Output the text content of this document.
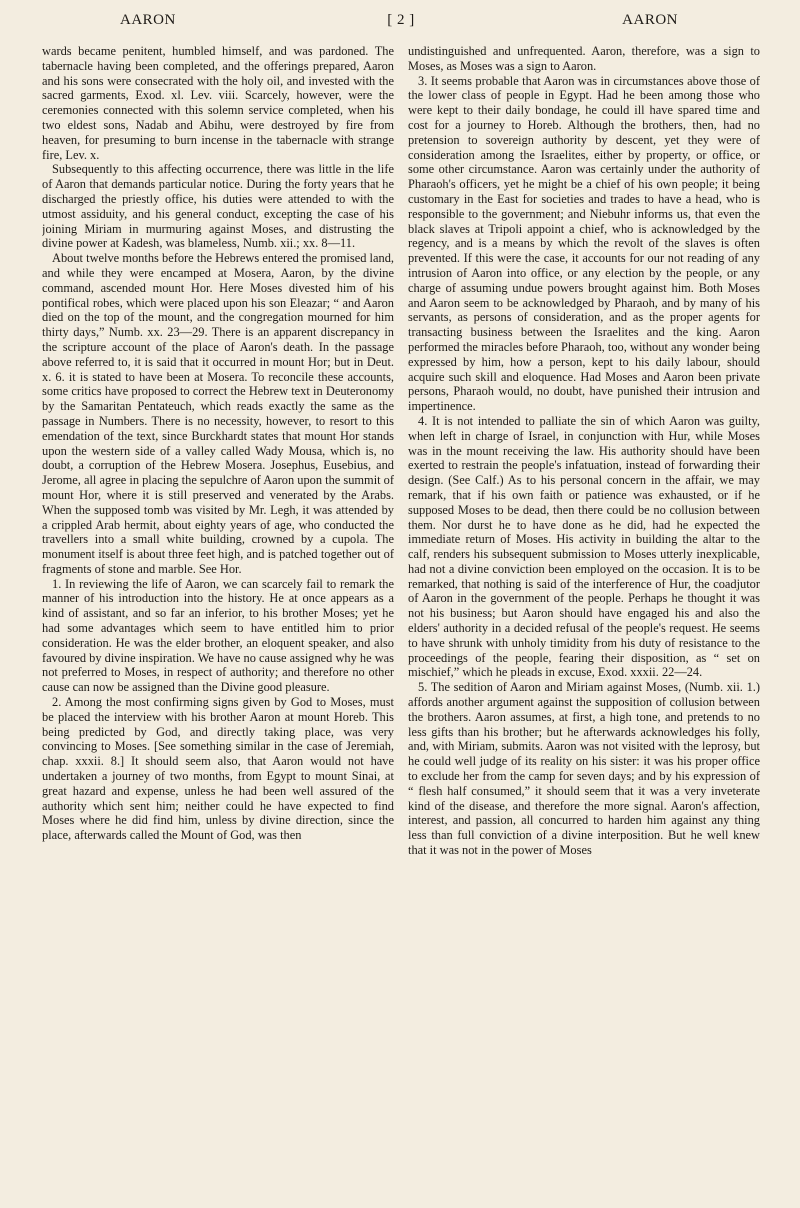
AARON	[ 2 ]	AARON

wards became penitent, humbled himself, and was pardoned. The tabernacle having been completed, and the offerings prepared, Aaron and his sons were consecrated with the holy oil, and invested with the sacred garments, Exod. xl. Lev. viii. Scarcely, however, were the ceremonies connected with this solemn service completed, when his two eldest sons, Nadab and Abihu, were destroyed by fire from heaven, for presuming to burn incense in the tabernacle with strange fire, Lev. x.

Subsequently to this affecting occurrence, there was little in the life of Aaron that demands particular notice. During the forty years that he discharged the priestly office, his duties were attended to with the utmost assiduity, and his general conduct, excepting the case of his joining Miriam in murmuring against Moses, and distrusting the divine power at Kadesh, was blameless, Numb. xii.; xx. 8—11.

About twelve months before the Hebrews entered the promised land, and while they were encamped at Mosera, Aaron, by the divine command, ascended mount Hor. Here Moses divested him of his pontifical robes, which were placed upon his son Eleazar; “ and Aaron died on the top of the mount, and the congregation mourned for him thirty days,” Numb. xx. 23—29. There is an apparent discrepancy in the scripture account of the place of Aaron's death. In the passage above referred to, it is said that it occurred in mount Hor; but in Deut. x. 6. it is stated to have been at Mosera. To reconcile these accounts, some critics have proposed to correct the Hebrew text in Deuteronomy by the Samaritan Pentateuch, which reads exactly the same as the passage in Numbers. There is no necessity, however, to resort to this emendation of the text, since Burckhardt states that mount Hor stands upon the western side of a valley called Wady Mousa, which is, no doubt, a corruption of the Hebrew Mosera. Josephus, Eusebius, and Jerome, all agree in placing the sepulchre of Aaron upon the summit of mount Hor, where it is still preserved and venerated by the Arabs. When the supposed tomb was visited by Mr. Legh, it was attended by a crippled Arab hermit, about eighty years of age, who conducted the travellers into a small white building, crowned by a cupola. The monument itself is about three feet high, and is patched together out of fragments of stone and marble. See Hor.

1. In reviewing the life of Aaron, we can scarcely fail to remark the manner of his introduction into the history. He at once appears as a kind of assistant, and so far an inferior, to his brother Moses; yet he had some advantages which seem to have entitled him to prior consideration. He was the elder brother, an eloquent speaker, and also favoured by divine inspiration. We have no cause assigned why he was not preferred to Moses, in respect of authority; and therefore no other cause can now be assigned than the Divine good pleasure.

2. Among the most confirming signs given by God to Moses, must be placed the interview with his brother Aaron at mount Horeb. This being predicted by God, and directly taking place, was very convincing to Moses. [See something similar in the case of Jeremiah, chap. xxxii. 8.] It should seem also, that Aaron would not have undertaken a journey of two months, from Egypt to mount Sinai, at great hazard and expense, unless he had been well assured of the authority which sent him; neither could he have expected to find Moses where he did find him, unless by divine direction, since the place, afterwards called the Mount of God, was then

undistinguished and unfrequented. Aaron, therefore, was a sign to Moses, as Moses was a sign to Aaron.

3. It seems probable that Aaron was in circumstances above those of the lower class of people in Egypt. Had he been among those who were kept to their daily bondage, he could ill have spared time and cost for a journey to Horeb. Although the brothers, then, had no pretension to sovereign authority by descent, yet they were of consideration among the Israelites, either by property, or office, or some other circumstance. Aaron was certainly under the authority of Pharaoh's officers, yet he might be a chief of his own people; it being customary in the East for societies and trades to have a head, who is responsible to the government; and Niebuhr informs us, that even the black slaves at Tripoli appoint a chief, who is acknowledged by the regency, and is a means by which the revolt of the slaves is often prevented. If this were the case, it accounts for our not reading of any intrusion of Aaron into office, or any election by the people, or any charge of assuming undue powers brought against him. Both Moses and Aaron seem to be acknowledged by Pharaoh, and by many of his servants, as persons of consideration, and as the proper agents for transacting business between the Israelites and the king. Aaron performed the miracles before Pharaoh, too, without any wonder being expressed by him, how a person, kept to his daily labour, should acquire such skill and eloquence. Had Moses and Aaron been private persons, Pharaoh would, no doubt, have punished their intrusion and impertinence.

4. It is not intended to palliate the sin of which Aaron was guilty, when left in charge of Israel, in conjunction with Hur, while Moses was in the mount receiving the law. His authority should have been exerted to restrain the people's infatuation, instead of forwarding their design. (See Calf.) As to his personal concern in the affair, we may remark, that if his own faith or patience was exhausted, or if he supposed Moses to be dead, then there could be no collusion between them. Nor durst he to have done as he did, had he expected the immediate return of Moses. His activity in building the altar to the calf, renders his subsequent submission to Moses utterly inexplicable, had not a divine conviction been employed on the occasion. It is to be remarked, that nothing is said of the interference of Hur, the coadjutor of Aaron in the government of the people. Perhaps he thought it was not his business; but Aaron should have engaged his and also the elders' authority in a decided refusal of the people's request. He seems to have shrunk with unholy timidity from his duty of resistance to the proceedings of the people, fearing their disposition, as “ set on mischief,” which he pleads in excuse, Exod. xxxii. 22—24.

5. The sedition of Aaron and Miriam against Moses, (Numb. xii. 1.) affords another argument against the supposition of collusion between the brothers. Aaron assumes, at first, a high tone, and pretends to no less gifts than his brother; but he afterwards acknowledges his folly, and, with Miriam, submits. Aaron was not visited with the leprosy, but he could well judge of its reality on his sister: it was his proper office to exclude her from the camp for seven days; and by his expression of “ flesh half consumed,” it should seem that it was a very inveterate kind of the disease, and therefore the more signal. Aaron's affection, interest, and passion, all concurred to harden him against any thing less than full conviction of a divine interposition. But he well knew that it was not in the power of Moses
